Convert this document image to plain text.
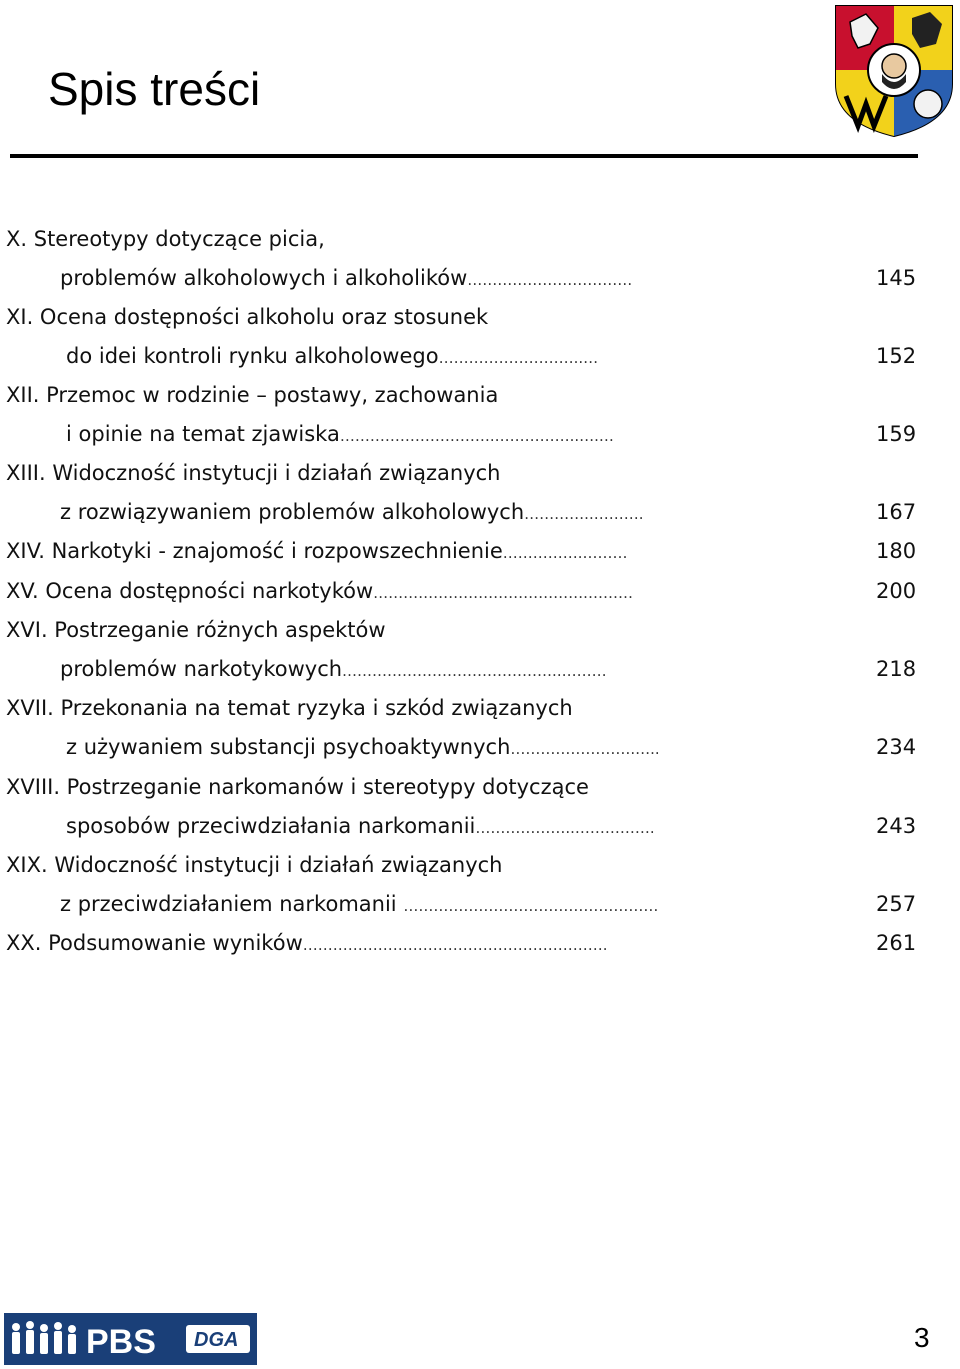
Spis treści
X. Stereotypy dotyczące picia,
problemów alkoholowych i alkoholików……………………………	145
XI. Ocena dostępności alkoholu oraz stosunek
do idei kontroli rynku alkoholowego………………………..…	152
XII. Przemoc w rodzinie – postawy, zachowania
i opinie na temat zjawiska………………………….……………..….…	159
XIII. Widoczność instytucji i działań związanych
z rozwiązywaniem problemów alkoholowych…………..……….	167
XIV. Narkotyki - znajomość i rozpowszechnienie…………….………	180
XV. Ocena dostępności narkotyków…………………………………….………	200
XVI. Postrzeganie różnych aspektów
problemów narkotykowych……………………………………..………	218
XVII. Przekonania na temat ryzyka i szkód związanych
z używaniem substancji psychoaktywnych…………………….…..	234
XVIII. Postrzeganie narkomanów i stereotypy dotyczące
sposobów przeciwdziałania narkomanii………………..…………….	243
XIX. Widoczność instytucji i działań związanych
z przeciwdziałaniem narkomanii ……………………………………………	257
XX. Podsumowanie wyników…………………………………………………….	261
PBS DGA	3
